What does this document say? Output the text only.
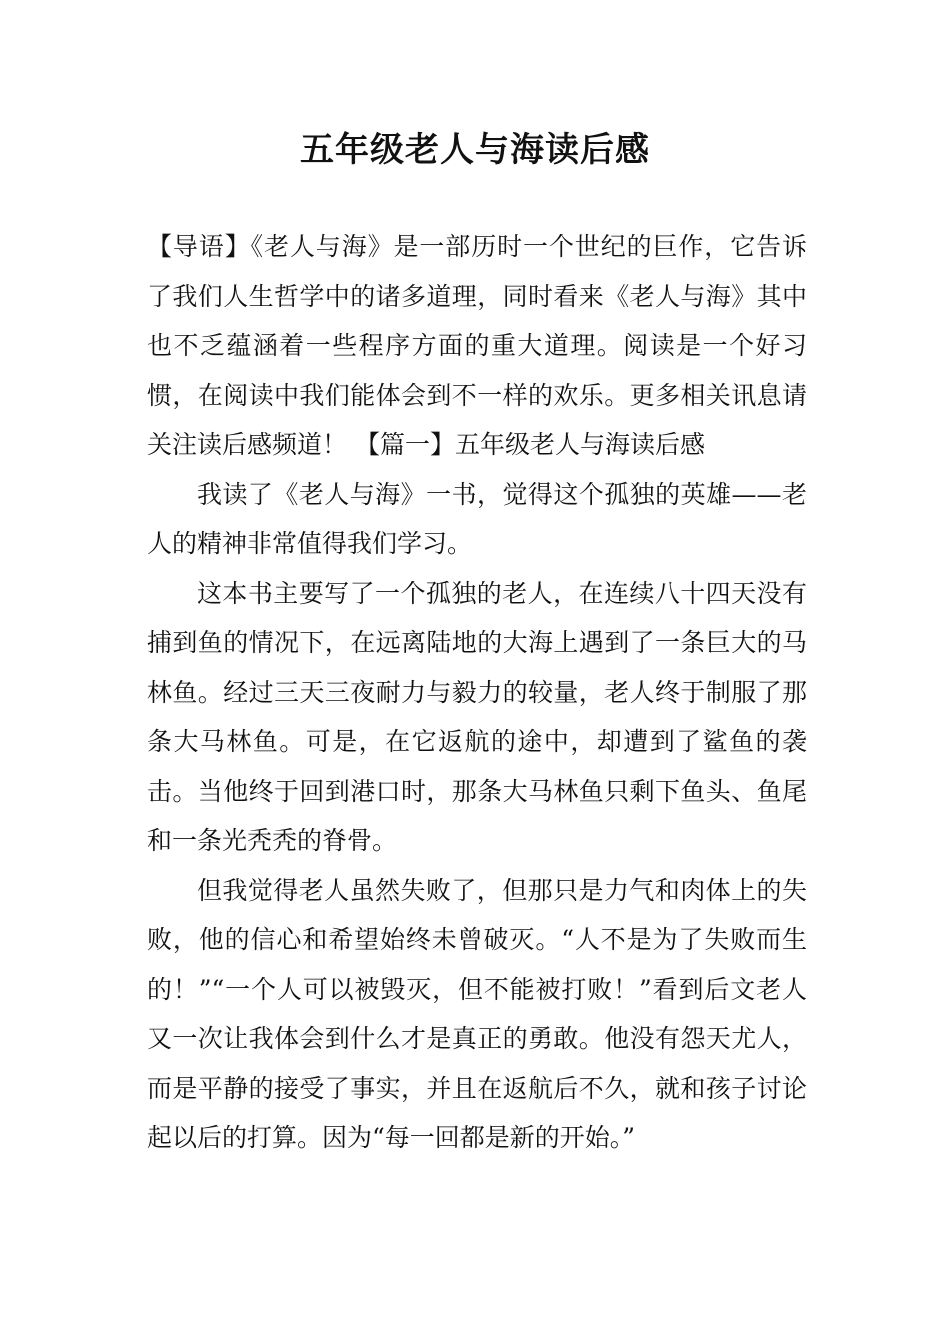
五年级老人与海读后感

【导语】《老人与海》是一部历时一个世纪的巨作，它告诉了我们人生哲学中的诸多道理，同时看来《老人与海》其中也不乏蕴涵着一些程序方面的重大道理。阅读是一个好习惯，在阅读中我们能体会到不一样的欢乐。更多相关讯息请关注读后感频道！ 【篇一】五年级老人与海读后感

我读了《老人与海》一书，觉得这个孤独的英雄——老人的精神非常值得我们学习。

这本书主要写了一个孤独的老人，在连续八十四天没有捕到鱼的情况下，在远离陆地的大海上遇到了一条巨大的马林鱼。经过三天三夜耐力与毅力的较量，老人终于制服了那条大马林鱼。可是，在它返航的途中，却遭到了鲨鱼的袭击。当他终于回到港口时，那条大马林鱼只剩下鱼头、鱼尾和一条光秃秃的脊骨。

但我觉得老人虽然失败了，但那只是力气和肉体上的失败，他的信心和希望始终未曾破灭。“人不是为了失败而生的！”“一个人可以被毁灭，但不能被打败！”看到后文老人又一次让我体会到什么才是真正的勇敢。他没有怨天尤人，而是平静的接受了事实，并且在返航后不久，就和孩子讨论起以后的打算。因为“每一回都是新的开始。”
